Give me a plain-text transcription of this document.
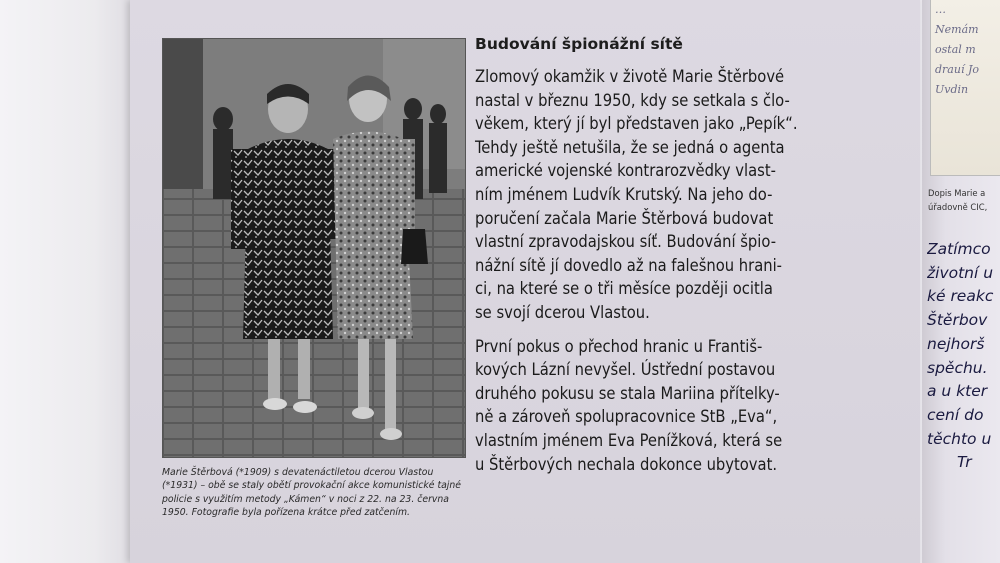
Marie Štěrbová (*1909) s devatenáctiletou dcerou Vlastou
(*1931) – obě se staly obětí provokační akce komunistické tajné
policie s využitím metody „Kámen“ v noci z 22. na 23. června
1950. Fotografie byla pořízena krátce před zatčením.
Budování špionážní sítě

Zlomový okamžik v životě Marie Štěrbové
nastal v březnu 1950, kdy se setkala s člo-
věkem, který jí byl představen jako „Pepík“.
Tehdy ještě netušila, že se jedná o agenta
americké vojenské kontrarozvědky vlast-
ním jménem Ludvík Krutský. Na jeho do-
poručení začala Marie Štěrbová budovat
vlastní zpravodajskou síť. Budování špio-
nážní sítě jí dovedlo až na falešnou hrani-
ci, na které se o tři měsíce později ocitla
se svojí dcerou Vlastou.

První pokus o přechod hranic u Františ-
kových Lázní nevyšel. Ústřední postavou
druhého pokusu se stala Mariina přítelky-
ně a zároveň spolupracovnice StB „Eva“,
vlastním jménem Eva Penížková, která se
u Štěrbových nechala dokonce ubytovat.

…
Nemám
ostal m
drauí Jo
Uvdin
Dopis Marie a
úřadovně CIC,
Zatímco
životní u
ké reakc
Štěrbov
nejhorš
spěchu.
a u kter
cení do
těchto u
Tr
